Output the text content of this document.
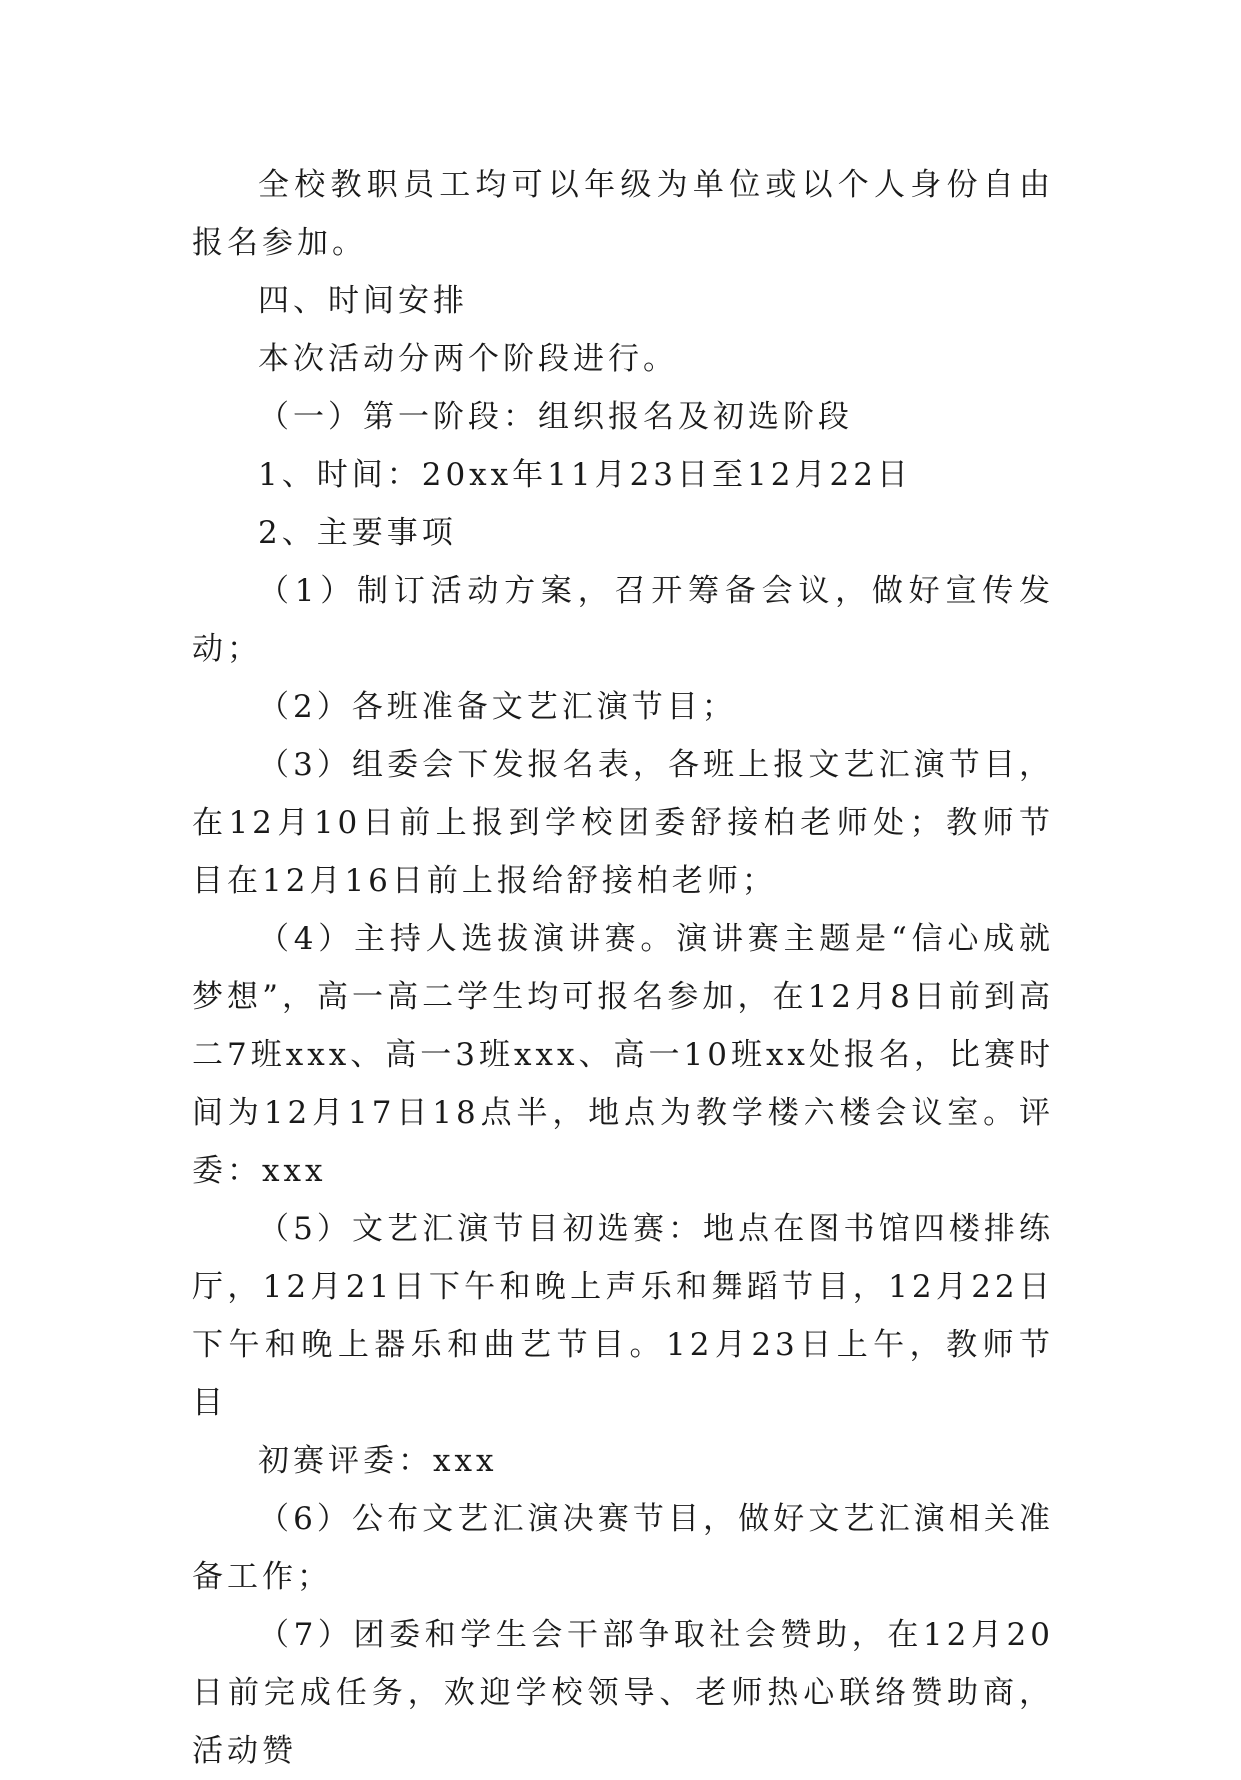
全校教职员工均可以年级为单位或以个人身份自由报名参加。

四、时间安排

本次活动分两个阶段进行。

（一）第一阶段：组织报名及初选阶段

1、时间：20xx年11月23日至12月22日

2、主要事项

（1）制订活动方案，召开筹备会议，做好宣传发动；

（2）各班准备文艺汇演节目；

（3）组委会下发报名表，各班上报文艺汇演节目，在12月10日前上报到学校团委舒接柏老师处；教师节目在12月16日前上报给舒接柏老师；

（4）主持人选拔演讲赛。演讲赛主题是“信心成就梦想”，高一高二学生均可报名参加，在12月8日前到高二7班xxx、高一3班xxx、高一10班xx处报名，比赛时间为12月17日18点半，地点为教学楼六楼会议室。评委：xxx

（5）文艺汇演节目初选赛：地点在图书馆四楼排练厅，12月21日下午和晚上声乐和舞蹈节目，12月22日下午和晚上器乐和曲艺节目。12月23日上午，教师节目

初赛评委：xxx

（6）公布文艺汇演决赛节目，做好文艺汇演相关准备工作；

（7）团委和学生会干部争取社会赞助，在12月20日前完成任务，欢迎学校领导、老师热心联络赞助商，活动赞
